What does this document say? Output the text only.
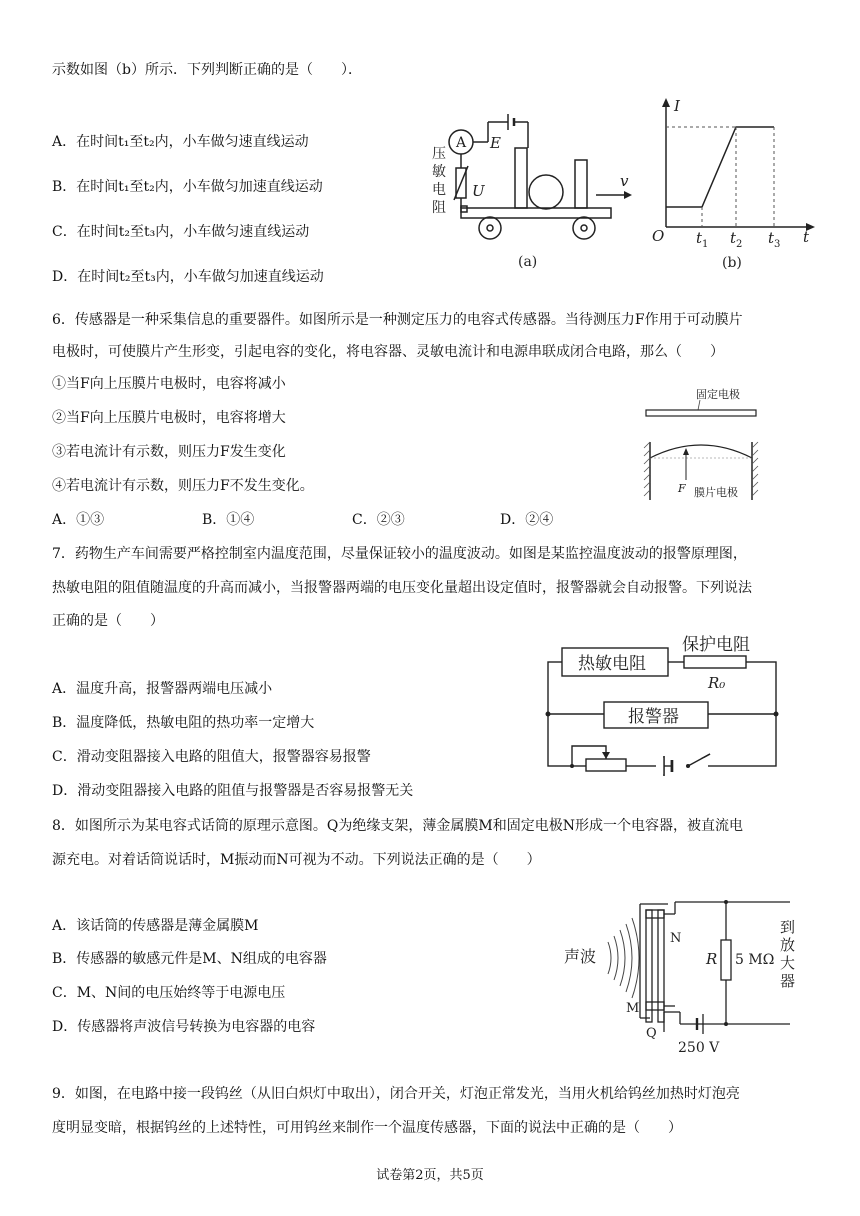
示数如图（b）所示．下列判断正确的是（　　）．
A．在时间t₁至t₂内，小车做匀速直线运动
B．在时间t₁至t₂内，小车做匀加速直线运动
C．在时间t₂至t₃内，小车做匀速直线运动
D．在时间t₂至t₃内，小车做匀加速直线运动
A E
U
v
压
敏
电
阻
(a)
I
O $t_1$ $t_2$ $t_3$ t
(b)
6．传感器是一种采集信息的重要器件。如图所示是一种测定压力的电容式传感器。当待测压力F作用于可动膜片
电极时，可使膜片产生形变，引起电容的变化，将电容器、灵敏电流计和电源串联成闭合电路，那么（　　）
①当F向上压膜片电极时，电容将减小
②当F向上压膜片电极时，电容将增大
③若电流计有示数，则压力F发生变化
④若电流计有示数，则压力F不发生变化。
A．①③	B．①④	C．②③	D．②④
固定电极
F 膜片电极
7．药物生产车间需要严格控制室内温度范围，尽量保证较小的温度波动。如图是某监控温度波动的报警原理图，
热敏电阻的阻值随温度的升高而减小，当报警器两端的电压变化量超出设定值时，报警器就会自动报警。下列说法
正确的是（　　）
A．温度升高，报警器两端电压减小
B．温度降低，热敏电阻的热功率一定增大
C．滑动变阻器接入电路的阻值大，报警器容易报警
D．滑动变阻器接入电路的阻值与报警器是否容易报警无关
热敏电阻
保护电阻
R₀
报警器
8．如图所示为某电容式话筒的原理示意图。Q为绝缘支架，薄金属膜M和固定电极N形成一个电容器，被直流电
源充电。对着话筒说话时，M振动而N可视为不动。下列说法正确的是（　　）
A．该话筒的传感器是薄金属膜M
B．传感器的敏感元件是M、N组成的电容器
C．M、N间的电压始终等于电源电压
D．传感器将声波信号转换为电容器的电容
声波
N
M
Q
R 5 MΩ
到
放
大
器
250 V
9．如图，在电路中接一段钨丝（从旧白炽灯中取出），闭合开关，灯泡正常发光，当用火机给钨丝加热时灯泡亮
度明显变暗，根据钨丝的上述特性，可用钨丝来制作一个温度传感器，下面的说法中正确的是（　　）
试卷第2页，共5页
